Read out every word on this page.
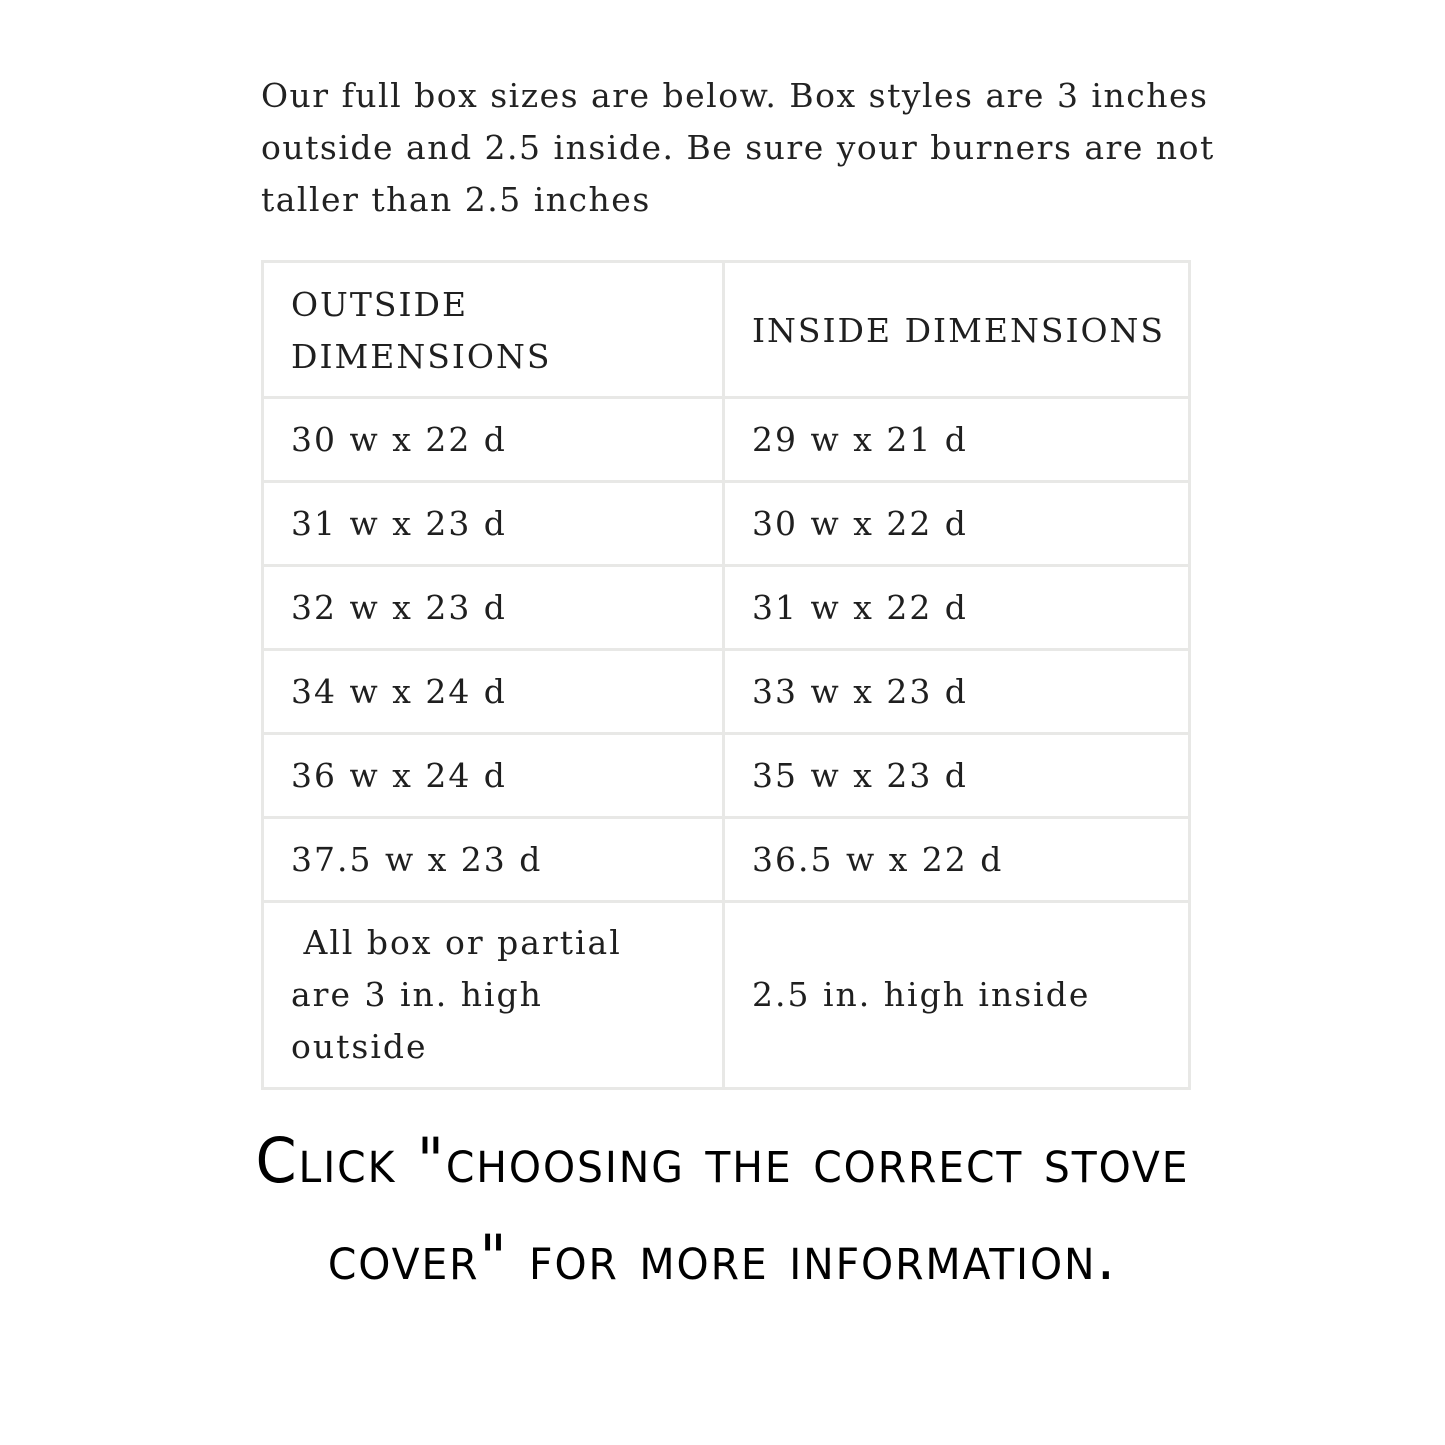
Our full box sizes are below. Box styles are 3 inches outside and 2.5 inside. Be sure your burners are not taller than 2.5 inches

OUTSIDE DIMENSIONS	INSIDE DIMENSIONS
30 w x 22 d	29 w x 21 d
31 w x 23 d	30 w x 22 d
32 w x 23 d	31 w x 22 d
34 w x 24 d	33 w x 23 d
36 w x 24 d	35 w x 23 d
37.5 w x 23 d	36.5 w x 22 d
All box or partial are 3 in. high outside	2.5 in. high inside

Click "choosing the correct stove cover" for more information.
